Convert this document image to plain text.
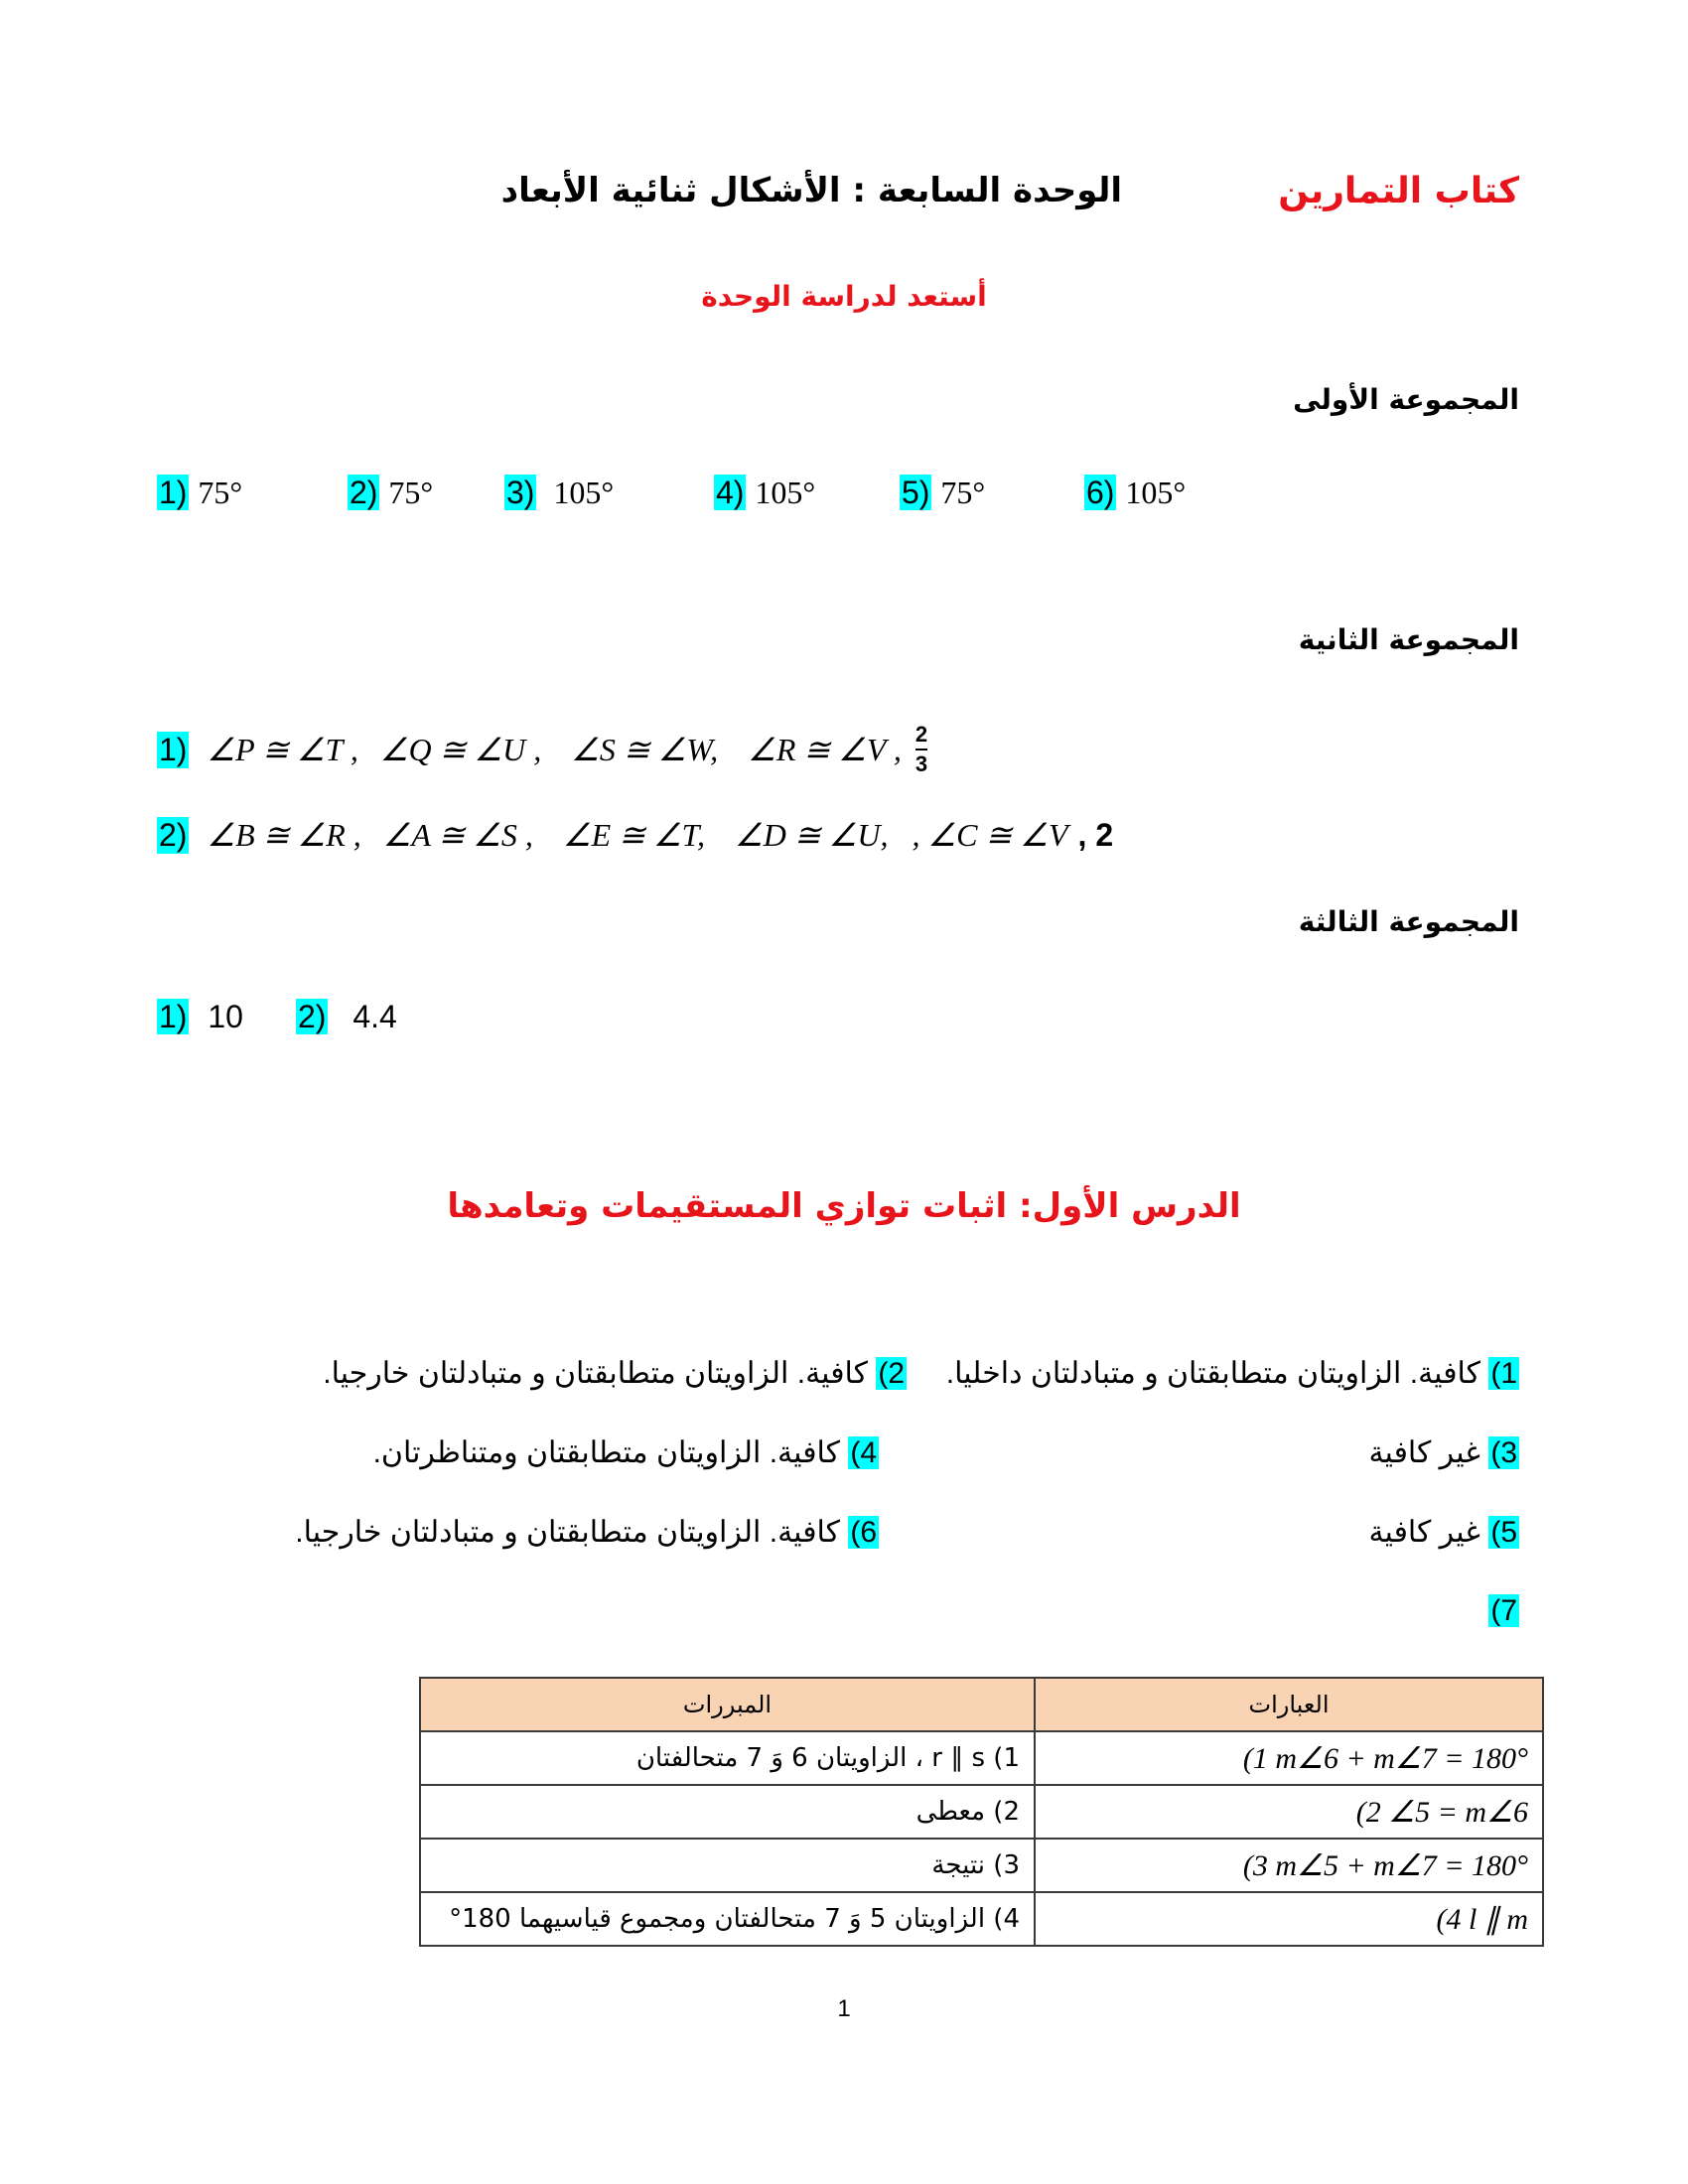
كتاب التمارين
الوحدة السابعة : الأشكال ثنائية الأبعاد
أستعد لدراسة الوحدة
المجموعة الأولى
1) 75°	2) 75° 3) 105°	4) 105°	5) 75°	6) 105°
المجموعة الثانية
1) ∠P ≅ ∠T , ∠Q ≅ ∠U , ∠S ≅ ∠W, ∠R ≅ ∠V , $\frac{2}{3}$
2) ∠B ≅ ∠R , ∠A ≅ ∠S , ∠E ≅ ∠T, ∠D ≅ ∠U, , ∠C ≅ ∠V , 2
المجموعة الثالثة
1) 10 2) 4.4
الدرس الأول: اثبات توازي المستقيمات وتعامدها
1) كافية. الزاويتان متطابقتان و متبادلتان داخليا.
2) كافية. الزاويتان متطابقتان و متبادلتان خارجيا.
3) غير كافية
4) كافية. الزاويتان متطابقتان ومتناظرتان.
5) غير كافية
6) كافية. الزاويتان متطابقتان و متبادلتان خارجيا.
7)
العبارات	المبررات
(1 m∠6 + m∠7 = 180°	1) r ∥ s ، الزاويتان 6 وَ 7 متحالفتان
(2 ∠5 = m∠6	2) معطى
(3 m∠5 + m∠7 = 180°	3) نتيجة
(4 l ∥ m	4) الزاويتان 5 وَ 7 متحالفتان ومجموع قياسيهما 180°
1
